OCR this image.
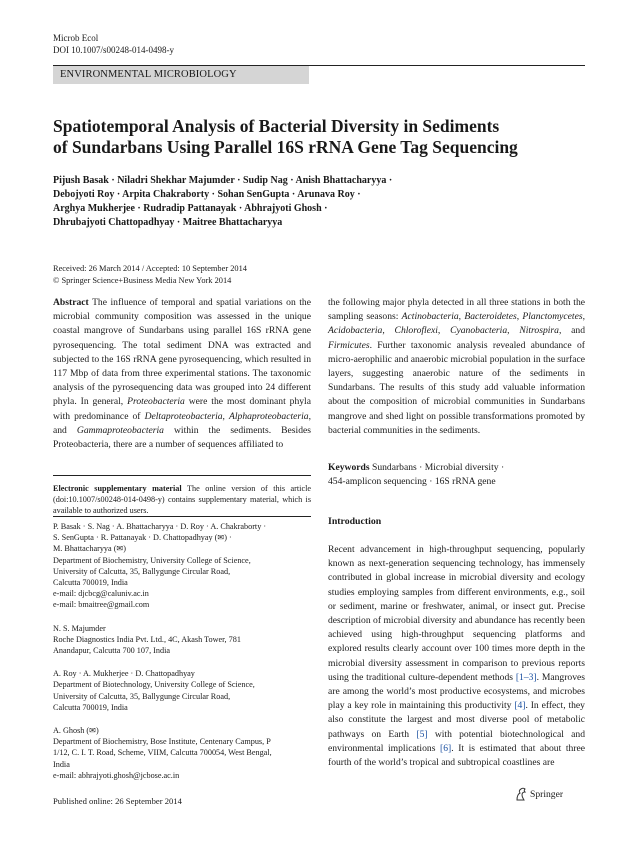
Microb Ecol
DOI 10.1007/s00248-014-0498-y
ENVIRONMENTAL MICROBIOLOGY
Spatiotemporal Analysis of Bacterial Diversity in Sediments
of Sundarbans Using Parallel 16S rRNA Gene Tag Sequencing
Pijush Basak · Niladri Shekhar Majumder · Sudip Nag · Anish Bhattacharyya ·
Debojyoti Roy · Arpita Chakraborty · Sohan SenGupta · Arunava Roy ·
Arghya Mukherjee · Rudradip Pattanayak · Abhrajyoti Ghosh ·
Dhrubajyoti Chattopadhyay · Maitree Bhattacharyya
Received: 26 March 2014 / Accepted: 10 September 2014
© Springer Science+Business Media New York 2014

Abstract The influence of temporal and spatial variations on the microbial community composition was assessed in the unique coastal mangrove of Sundarbans using parallel 16S rRNA gene pyrosequencing. The total sediment DNA was extracted and subjected to the 16S rRNA gene pyrosequencing, which resulted in 117 Mbp of data from three experimental stations. The taxonomic analysis of the pyrosequencing data was grouped into 24 different phyla. In general, Proteobacteria were the most dominant phyla with predominance of Deltaproteobacteria, Alphaproteobacteria, and Gammaproteobacteria within the sediments. Besides Proteobacteria, there are a number of sequences affiliated to

the following major phyla detected in all three stations in both the sampling seasons: Actinobacteria, Bacteroidetes, Planctomycetes, Acidobacteria, Chloroflexi, Cyanobacteria, Nitrospira, and Firmicutes. Further taxonomic analysis revealed abundance of micro-aerophilic and anaerobic microbial population in the surface layers, suggesting anaerobic nature of the sediments in Sundarbans. The results of this study add valuable information about the composition of microbial communities in Sundarbans mangrove and shed light on possible transformations promoted by bacterial communities in the sediments.

Keywords Sundarbans · Microbial diversity ·
454-amplicon sequencing · 16S rRNA gene
Electronic supplementary material The online version of this article (doi:10.1007/s00248-014-0498-y) contains supplementary material, which is available to authorized users.
P. Basak · S. Nag · A. Bhattacharyya · D. Roy · A. Chakraborty ·
S. SenGupta · R. Pattanayak · D. Chattopadhyay (✉) ·
M. Bhattacharyya (✉)
Department of Biochemistry, University College of Science,
University of Calcutta, 35, Ballygunge Circular Road,
Calcutta 700019, India
e-mail: djcbcg@caluniv.ac.in
e-mail: bmaitree@gmail.com
N. S. Majumder
Roche Diagnostics India Pvt. Ltd., 4C, Akash Tower, 781
Anandapur, Calcutta 700 107, India
A. Roy · A. Mukherjee · D. Chattopadhyay
Department of Biotechnology, University College of Science,
University of Calcutta, 35, Ballygunge Circular Road,
Calcutta 700019, India
A. Ghosh (✉)
Department of Biochemistry, Bose Institute, Centenary Campus, P
1/12, C. I. T. Road, Scheme, VIIM, Calcutta 700054, West Bengal,
India
e-mail: abhrajyoti.ghosh@jcbose.ac.in
Introduction

Recent advancement in high-throughput sequencing, popularly known as next-generation sequencing technology, has immensely contributed in global increase in microbial diversity and ecology studies employing samples from different environments, e.g., soil or sediment, marine or freshwater, animal, or insect gut. Precise description of microbial diversity and abundance has recently been achieved using high-throughput sequencing platforms and explored results clearly account over 100 times more depth in the microbial diversity assessment in comparison to previous reports using the traditional culture-dependent methods [1–3]. Mangroves are among the world’s most productive ecosystems, and microbes play a key role in maintaining this productivity [4]. In effect, they also constitute the largest and most diverse pool of metabolic pathways on Earth [5] with potential biotechnological and environmental implications [6]. It is estimated that about three fourth of the world’s tropical and subtropical coastlines are

Published online: 26 September 2014
Springer
